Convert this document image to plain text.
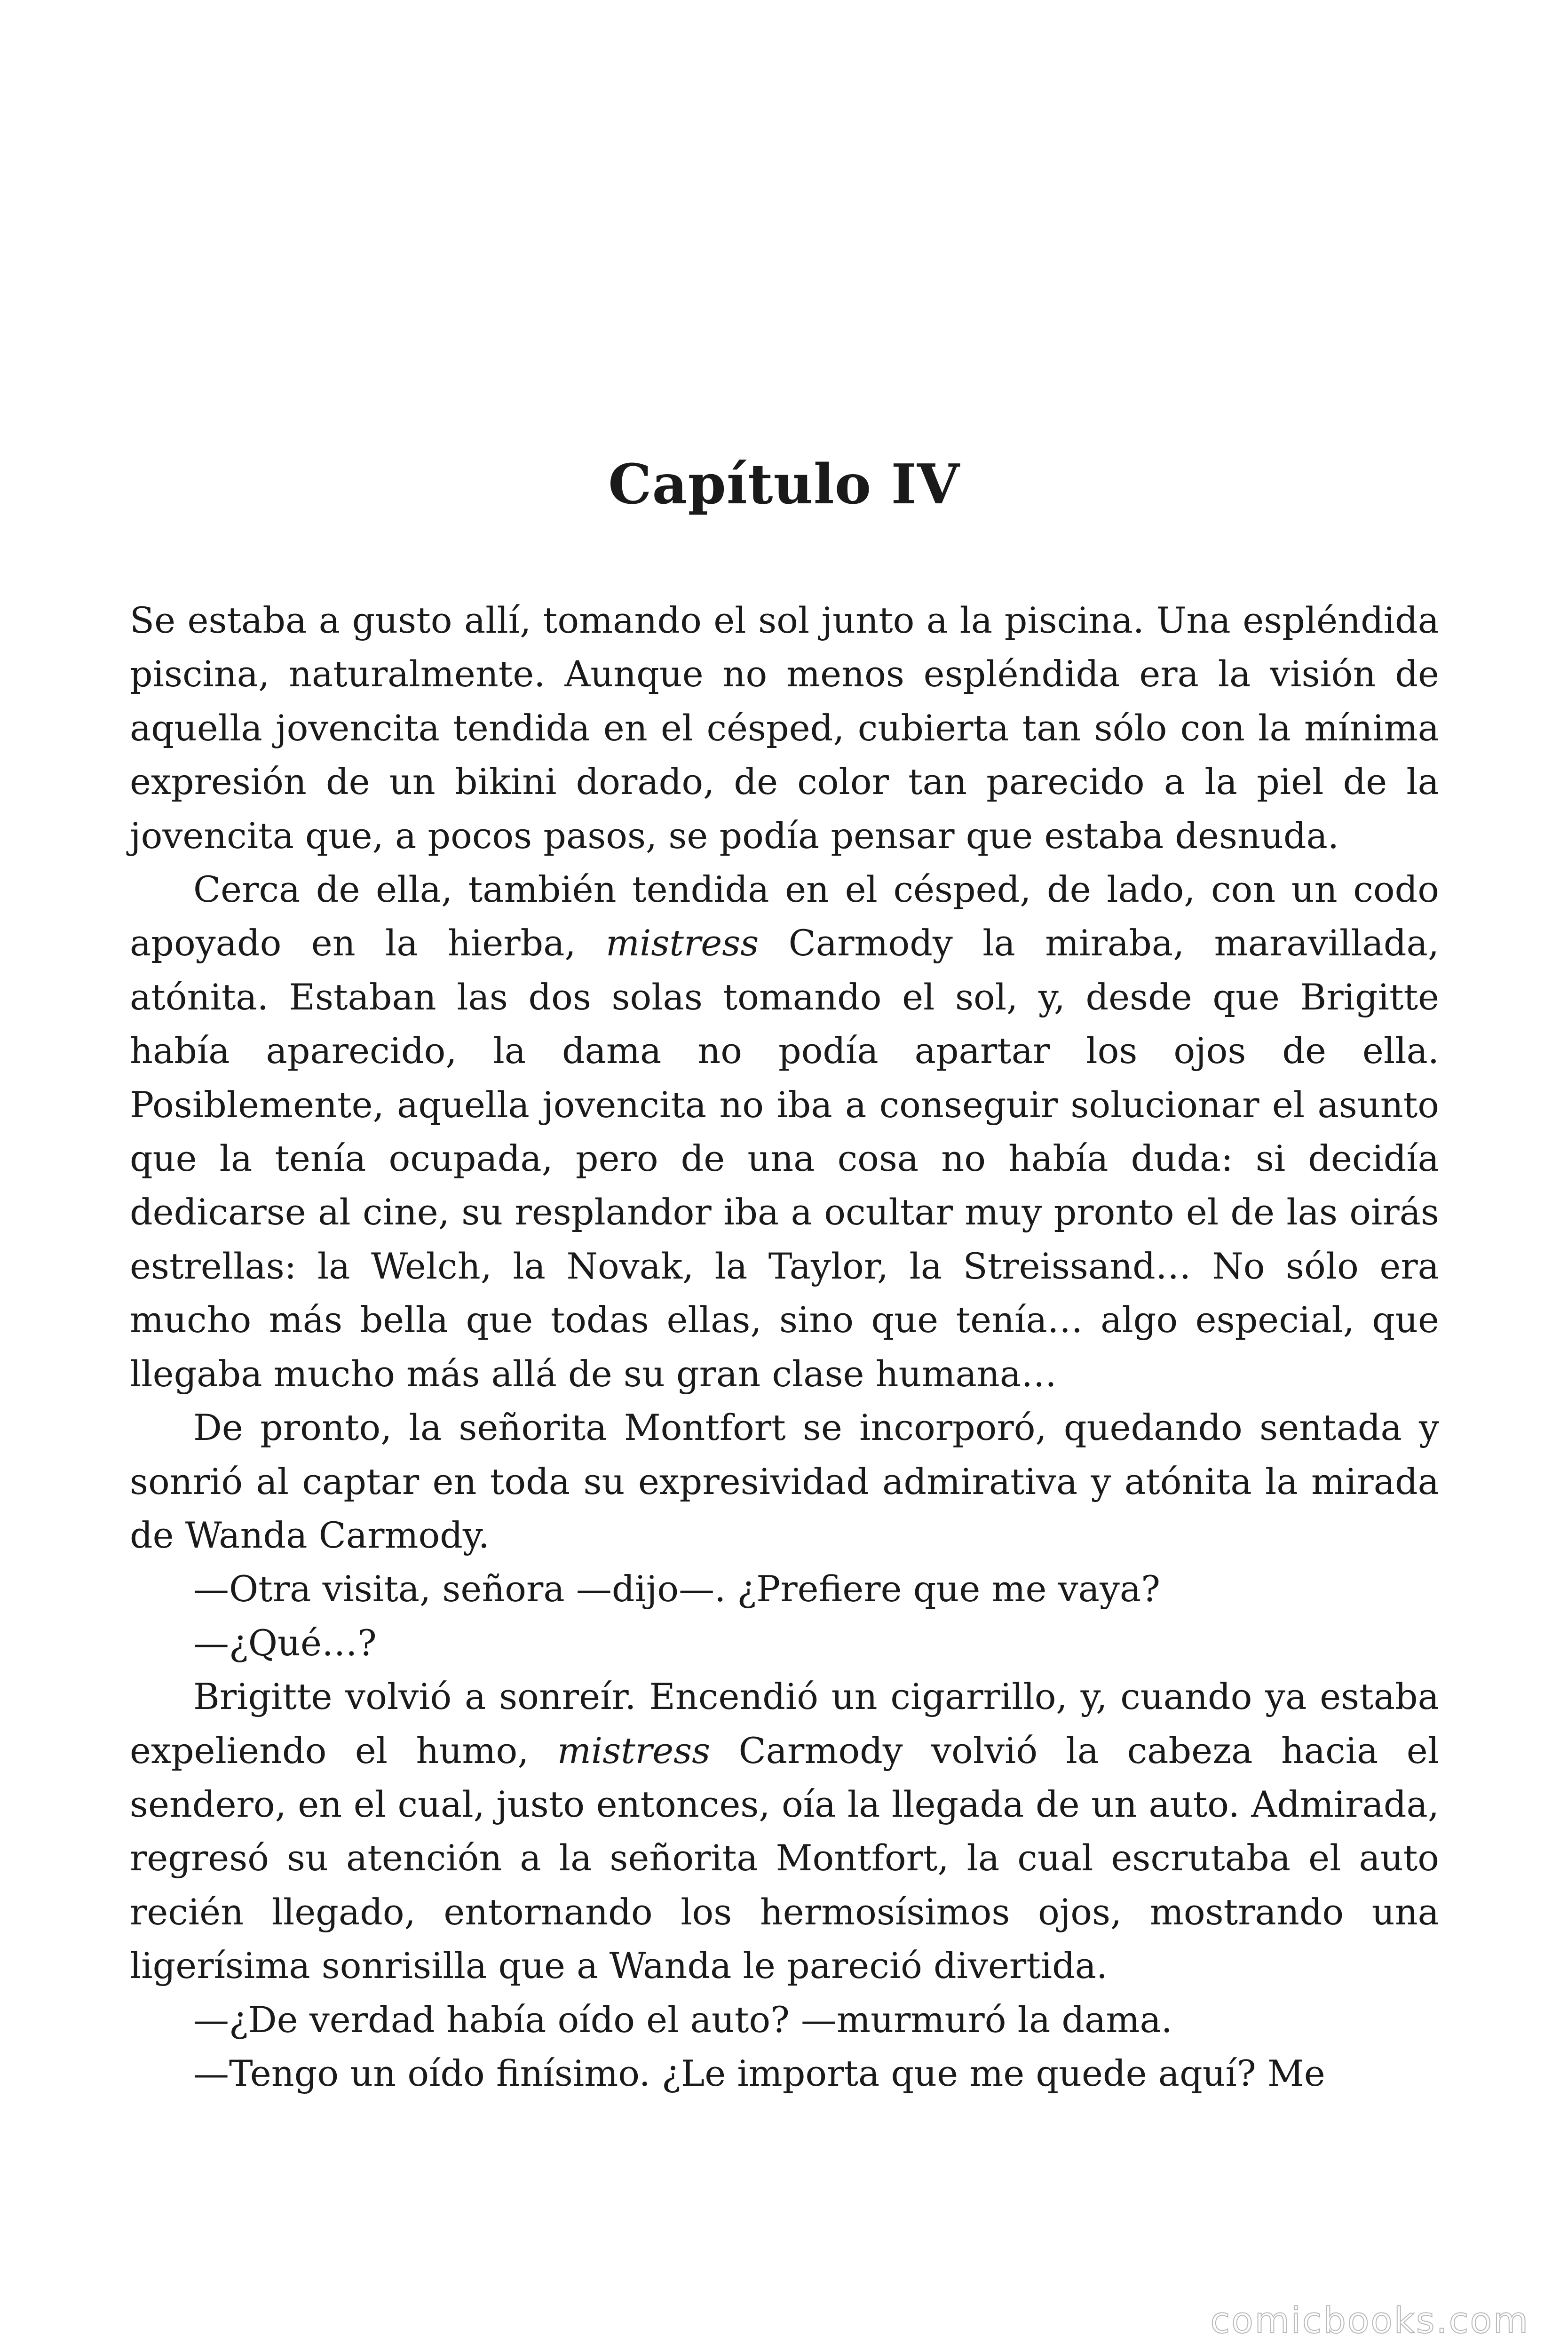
Capítulo IV

Se estaba a gusto allí, tomando el sol junto a la piscina. Una espléndida piscina, naturalmente. Aunque no menos espléndida era la visión de aquella jovencita tendida en el césped, cubierta tan sólo con la mínima expresión de un bikini dorado, de color tan parecido a la piel de la jovencita que, a pocos pasos, se podía pensar que estaba desnuda.

Cerca de ella, también tendida en el césped, de lado, con un codo apoyado en la hierba, mistress Carmody la miraba, maravillada, atónita. Estaban las dos solas tomando el sol, y, desde que Brigitte había aparecido, la dama no podía apartar los ojos de ella. Posiblemente, aquella jovencita no iba a conseguir solucionar el asunto que la tenía ocupada, pero de una cosa no había duda: si decidía dedicarse al cine, su resplandor iba a ocultar muy pronto el de las oirás estrellas: la Welch, la Novak, la Taylor, la Streissand… No sólo era mucho más bella que todas ellas, sino que tenía… algo especial, que llegaba mucho más allá de su gran clase humana…

De pronto, la señorita Montfort se incorporó, quedando sentada y sonrió al captar en toda su expresividad admirativa y atónita la mirada de Wanda Carmody.

—Otra visita, señora —dijo—. ¿Prefiere que me vaya?

—¿Qué…?

Brigitte volvió a sonreír. Encendió un cigarrillo, y, cuando ya estaba expeliendo el humo, mistress Carmody volvió la cabeza hacia el sendero, en el cual, justo entonces, oía la llegada de un auto. Admirada, regresó su atención a la señorita Montfort, la cual escrutaba el auto recién llegado, entornando los hermosísimos ojos, mostrando una ligerísima sonrisilla que a Wanda le pareció divertida.

—¿De verdad había oído el auto? —murmuró la dama.

—Tengo un oído finísimo. ¿Le importa que me quede aquí? Me

comicbooks.com
